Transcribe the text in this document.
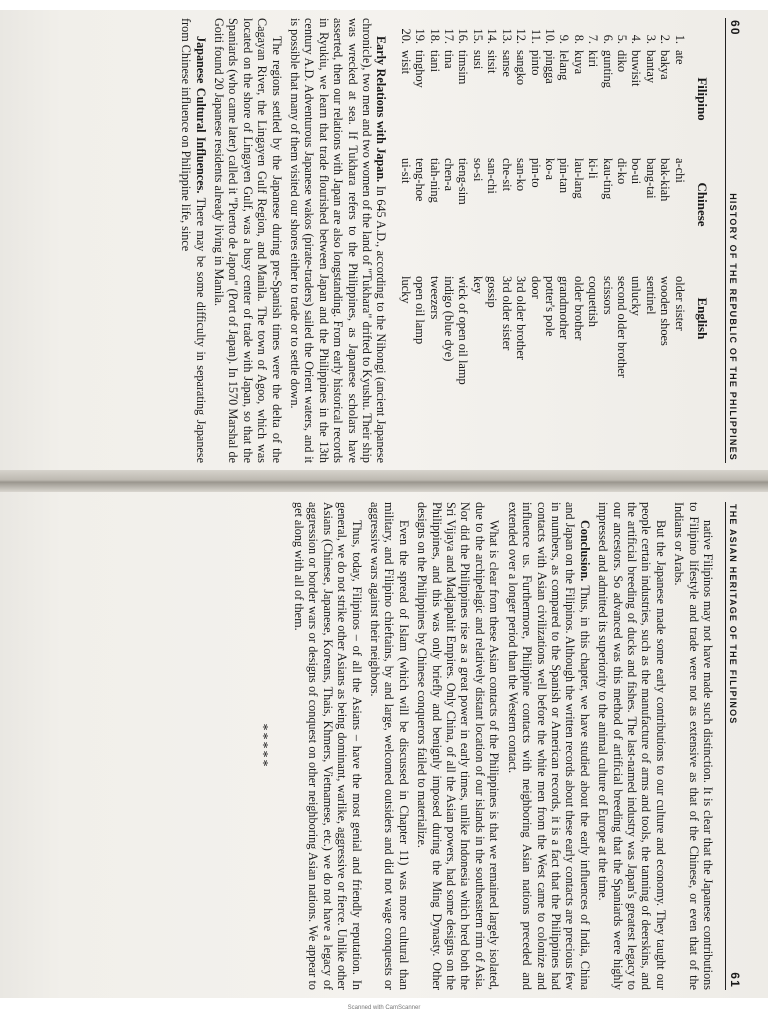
60
HISTORY OF THE REPUBLIC OF THE PHILIPPINES
Filipino
Chinese
English
1.
ate
a-chi
older sister
2.
bakya
bak-kiah
wooden shoes
3.
bantay
bang-tai
sentinel
4.
buwisit
bo-ui
unlucky
5.
diko
di-ko
second older brother
6.
gunting
kau-ting
scissors
7.
kiri
ki-li
coquettish
8.
kuya
lau-lang
older brother
9.
lelang
pin-tan
grandmother
10.
pingga
ko-a
potter's pole
11.
pinto
pin-to
door
12.
sangko
san-ko
3rd older brother
13.
sanse
che-sit
3rd older sister
14.
sitsit
san-chi
gossip
15.
susi
so-si
key
16.
timsim
tieng-sim
wick of open oil lamp
17.
tina
chen-a
indigo (blue dye)
18.
tiani
tiah-ning
tweezers
19.
tinghoy
teng-hoe
open oil lamp
20.
wisit
ui-sit
lucky

Early Relations with Japan. In 645 A.D., according to the Nihongi (ancient Japanese chronicle), two men and two women of the land of "Tukhara" drifted to Kyushu. Their ship was wrecked at sea. If Tukhara refers to the Philippines, as Japanese scholars have asserted, then our relations with Japan are also longstanding. From early historical records in Ryukiu, we learn that trade flourished between Japan and the Philippines in the 13th century A.D. Adventurous Japanese wakos (pirate-traders) sailed the Orient waters, and it is possible that many of them visited our shores either to trade or to settle down.

The regions settled by the Japanese during pre-Spanish times were the delta of the Cagayan River, the Lingayen Gulf Region, and Manila. The town of Agoo, which was located on the shore of Lingayen Gulf, was a busy center of trade with Japan, so that the Spaniards (who came later) called it "Puerto de Japon" (Port of Japan). In 1570 Marshal de Goiti found 20 Japanese residents already living in Manila.

Japanese Cultural Influences. There may be some difficulty in separating Japanese from Chinese influence on Philippine life, since

THE ASIAN HERITAGE OF THE FILIPINOS
61

native Filipinos may not have made such distinction. It is clear that the Japanese contributions to Filipino lifestyle and trade were not as extensive as that of the Chinese, or even that of the Indians or Arabs.

But the Japanese made some early contributions to our culture and economy. They taught our people certain industries, such as the manufacture of arms and tools, the tanning of deerskins, and the artificial breeding of ducks and fishes. The last-named industry was Japan's greatest legacy to our ancestors. So advanced was this method of artificial breeding that the Spaniards were highly impressed and admitted its superiority to the animal culture of Europe at the time.

Conclusion. Thus, in this chapter, we have studied about the early influences of India, China and Japan on the Filipinos. Although the written records about these early contacts are precious few in numbers, as compared to the Spanish or American records, it is a fact that the Philippines had contacts with Asian civilizations well before the white men from the West came to colonize and influence us. Furthermore, Philippine contacts with neighboring Asian nations preceded and extended over a longer period than the Western contact.

What is clear from these Asian contacts of the Philippines is that we remained largely isolated, due to the archipelagic and relatively distant location of our islands in the southeastern rim of Asia. Nor did the Philippines rise as a great power in early times, unlike Indonesia which bred both the Sri Vijaya and Madjapahit Empires. Only China, of all the Asian powers, had some designs on the Philippines, and this was only briefly and benignly imposed during the Ming Dynasty. Other designs on the Philippines by Chinese conquerors failed to materialize.

Even the spread of Islam (which will be discussed in Chapter 11) was more cultural than military, and Filipino chieftains, by and large, welcomed outsiders and did not wage conquests or aggressive wars against their neighbors.

Thus, today, Filipinos – of all the Asians – have the most genial and friendly reputation. In general, we do not strike other Asians as being dominant, warlike, aggressive or fierce. Unlike other Asians (Chinese, Japanese, Koreans, Thais, Khmers, Vietnamese, etc.) we do not have a legacy of aggression or border wars or designs of conquest on other neighboring Asian nations. We appear to get along with all of them.

*****
Scanned with CamScanner
